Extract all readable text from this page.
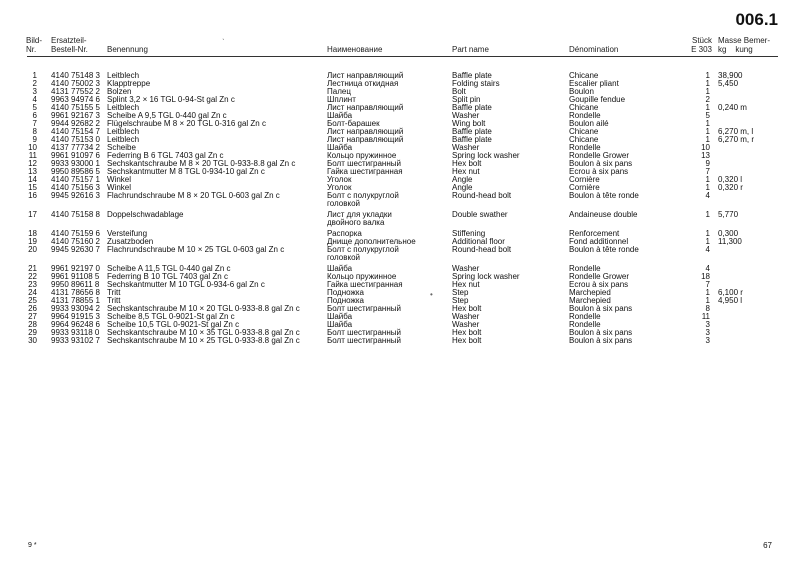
006.1
Bild-
Nr.
Ersatzteil-
Bestell-Nr. Benennung	Наименование	Part name	Dénomination
Stück
E 303
Masse Bemer-
kg    kung
ˋ
•
1 4140 75148 3 Leitblech	Лист направляющий	Baffle plate	Chicane	1 38,900
2 4140 75002 3 Klapptreppe	Лестница откидная	Folding stairs	Escalier pliant	1 5,450
3 4131 77552 2 Bolzen	Палец	Bolt	Boulon	1
4 9963 94974 6 Splint 3,2 × 16 TGL 0-94-St gal Zn c	Шплинт	Split pin	Goupille fendue	2
5 4140 75155 5 Leitblech	Лист направляющий	Baffle plate	Chicane	1 0,240 m
6 9961 92167 3 Scheibe A 9,5 TGL 0-440 gal Zn c	Шайба	Washer	Rondelle	5
7 9944 92682 2 Flügelschraube M 8 × 20 TGL 0-316 gal Zn c	Болт-барашек	Wing bolt	Boulon ailé	1
8 4140 75154 7 Leitblech	Лист направляющий	Baffle plate	Chicane	1 6,270 m, l
9 4140 75153 0 Leitblech	Лист направляющий	Baffle plate	Chicane	1 6,270 m, r
10 4137 77734 2 Scheibe	Шайба	Washer	Rondelle	10
11 9961 91097 6 Federring B 6 TGL 7403 gal Zn c	Кольцо пружинное	Spring lock washer	Rondelle Grower	13
12 9933 93000 1 Sechskantschraube M 8 × 20 TGL 0-933-8.8 gal Zn c	Болт шестигранный	Hex bolt	Boulon à six pans	9
13 9950 89586 5 Sechskantmutter M 8 TGL 0-934-10 gal Zn c	Гайка шестигранная	Hex nut	Ecrou à six pans	7
14 4140 75157 1 Winkel	Уголок	Angle	Cornière	1 0,320 l
15 4140 75156 3 Winkel	Уголок	Angle	Cornière	1 0,320 r
16 9945 92616 3 Flachrundschraube M 8 × 20 TGL 0-603 gal Zn c	Болт с полукруглой	Round-head bolt	Boulon à tête ronde	4
головкой
17 4140 75158 8 Doppelschwadablage	Лист для укладки	Double swather	Andaineuse double	1 5,770
двойного валка
18 4140 75159 6 Versteifung	Распорка	Stiffening	Renforcement	1 0,300
19 4140 75160 2 Zusatzboden	Днище дополнительное	Additional floor	Fond additionnel	1 11,300
20 9945 92630 7 Flachrundschraube M 10 × 25 TGL 0-603 gal Zn c	Болт с полукруглой	Round-head bolt	Boulon à tête ronde	4
головкой
21 9961 92197 0 Scheibe A 11,5 TGL 0-440 gal Zn c	Шайба	Washer	Rondelle	4
22 9961 91108 5 Federring B 10 TGL 7403 gal Zn c	Кольцо пружинное	Spring lock washer	Rondelle Grower	18
23 9950 89611 8 Sechskantmutter M 10 TGL 0-934-6 gal Zn c	Гайка шестигранная	Hex nut	Ecrou à six pans	7
24 4131 78656 8 Tritt	Подножка	Step	Marchepied	1 6,100 r
25 4131 78855 1 Tritt	Подножка	Step	Marchepied	1 4,950 l
26 9933 93094 2 Sechskantschraube M 10 × 20 TGL 0-933-8.8 gal Zn c	Болт шестигранный	Hex bolt	Boulon à six pans	8
27 9964 91915 3 Scheibe 8,5 TGL 0-9021-St gal Zn c	Шайба	Washer	Rondelle	11
28 9964 96248 6 Scheibe 10,5 TGL 0-9021-St gal Zn c	Шайба	Washer	Rondelle	3
29 9933 93118 0 Sechskantschraube M 10 × 35 TGL 0-933-8.8 gal Zn c	Болт шестигранный	Hex bolt	Boulon à six pans	3
30 9933 93102 7 Sechskantschraube M 10 × 25 TGL 0-933-8.8 gal Zn c	Болт шестигранный	Hex bolt	Boulon à six pans	3
9 *	67
